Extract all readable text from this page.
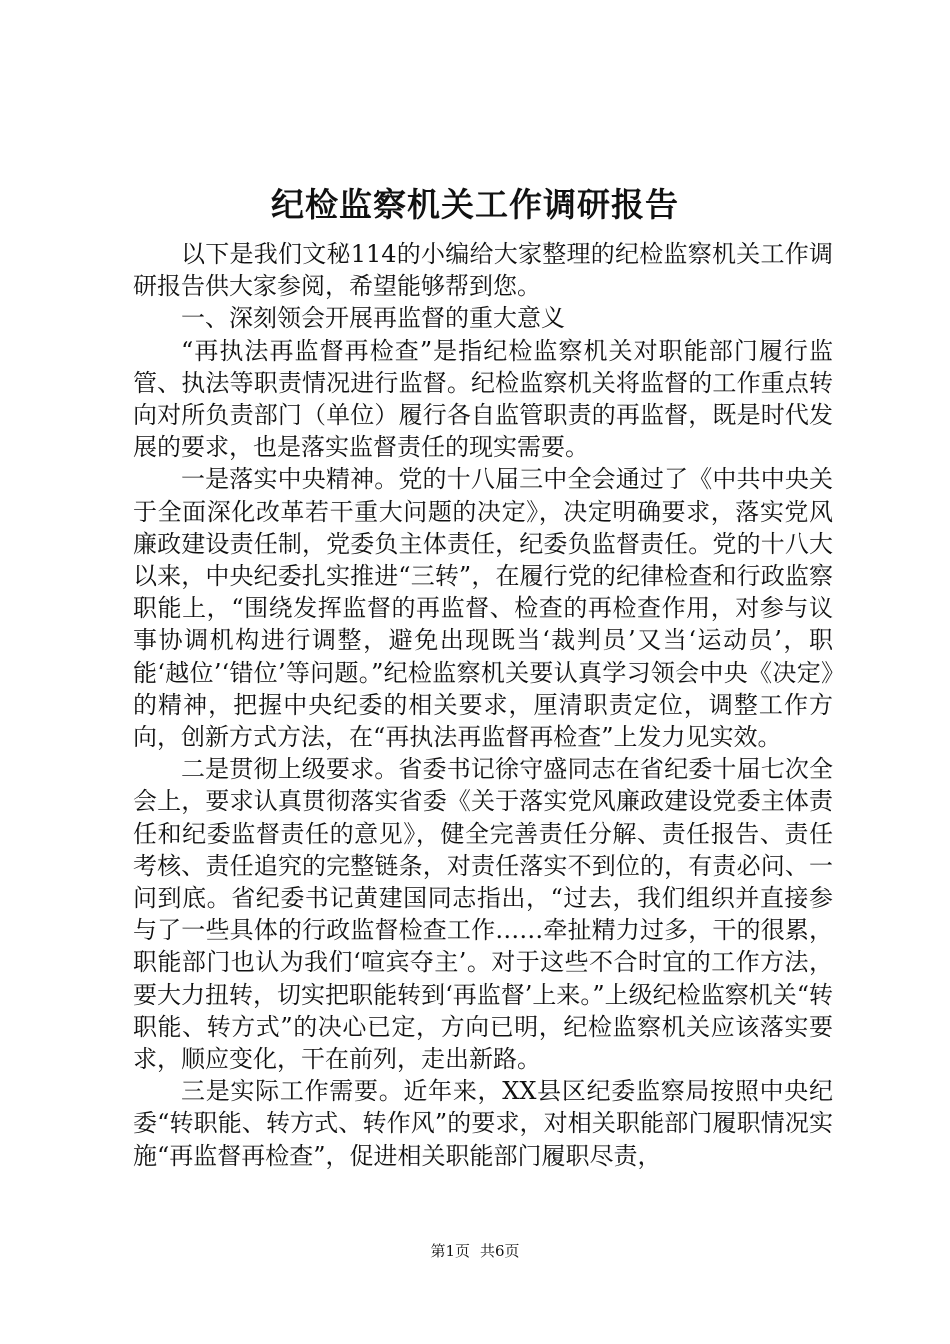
纪检监察机关工作调研报告

以下是我们文秘114的小编给大家整理的纪检监察机关工作调研报告供大家参阅，希望能够帮到您。

一、深刻领会开展再监督的重大意义

“再执法再监督再检查”是指纪检监察机关对职能部门履行监管、执法等职责情况进行监督。纪检监察机关将监督的工作重点转向对所负责部门（单位）履行各自监管职责的再监督，既是时代发展的要求，也是落实监督责任的现实需要。

一是落实中央精神。党的十八届三中全会通过了《中共中央关于全面深化改革若干重大问题的决定》，决定明确要求，落实党风廉政建设责任制，党委负主体责任，纪委负监督责任。党的十八大以来，中央纪委扎实推进“三转”，在履行党的纪律检查和行政监察职能上，“围绕发挥监督的再监督、检查的再检查作用，对参与议事协调机构进行调整，避免出现既当‘裁判员’又当‘运动员’，职能‘越位’‘错位’等问题。”纪检监察机关要认真学习领会中央《决定》的精神，把握中央纪委的相关要求，厘清职责定位，调整工作方向，创新方式方法，在“再执法再监督再检查”上发力见实效。

二是贯彻上级要求。省委书记徐守盛同志在省纪委十届七次全会上，要求认真贯彻落实省委《关于落实党风廉政建设党委主体责任和纪委监督责任的意见》，健全完善责任分解、责任报告、责任考核、责任追究的完整链条，对责任落实不到位的，有责必问、一问到底。省纪委书记黄建国同志指出，“过去，我们组织并直接参与了一些具体的行政监督检查工作……牵扯精力过多，干的很累，职能部门也认为我们‘喧宾夺主’。对于这些不合时宜的工作方法，要大力扭转，切实把职能转到‘再监督’上来。”上级纪检监察机关“转职能、转方式”的决心已定，方向已明，纪检监察机关应该落实要求，顺应变化，干在前列，走出新路。

三是实际工作需要。近年来，XX县区纪委监察局按照中央纪委“转职能、转方式、转作风”的要求，对相关职能部门履职情况实施“再监督再检查”，促进相关职能部门履职尽责，

第1页 共6页
